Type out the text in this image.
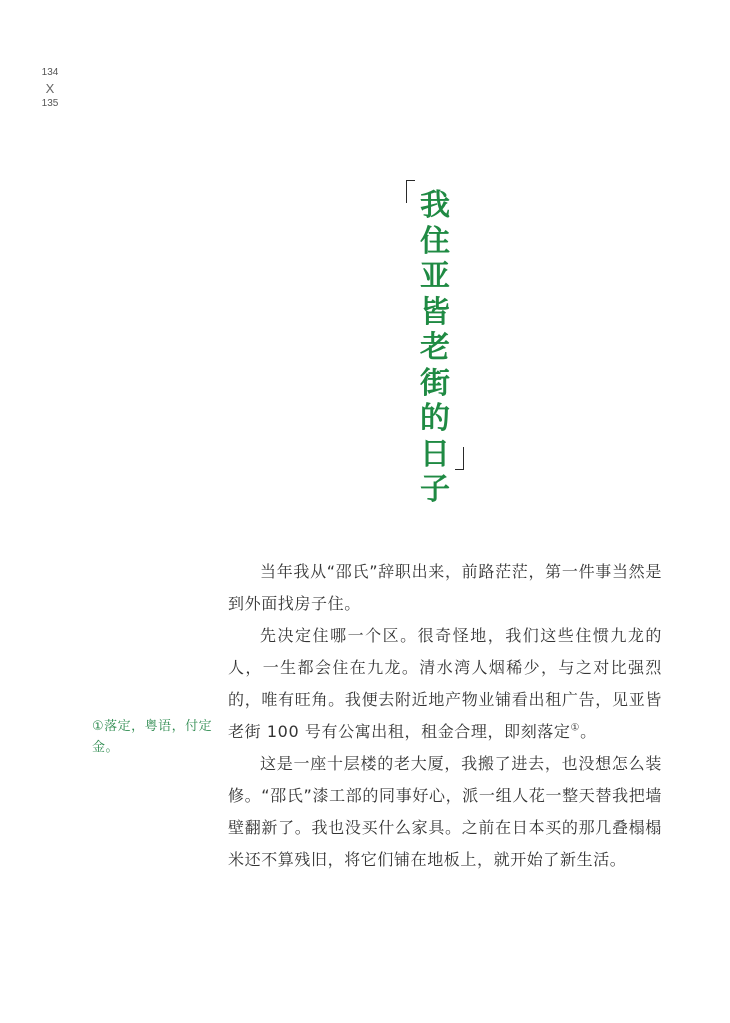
134
X
135
我住亚皆老街的日子

①落定，粤语，付定金。

当年我从“邵氏”辞职出来，前路茫茫，第一件事当然是到外面找房子住。

先决定住哪一个区。很奇怪地，我们这些住惯九龙的人，一生都会住在九龙。清水湾人烟稀少，与之对比强烈的，唯有旺角。我便去附近地产物业铺看出租广告，见亚皆老街 100 号有公寓出租，租金合理，即刻落定①。

这是一座十层楼的老大厦，我搬了进去，也没想怎么装修。“邵氏”漆工部的同事好心，派一组人花一整天替我把墙壁翻新了。我也没买什么家具。之前在日本买的那几叠榻榻米还不算残旧，将它们铺在地板上，就开始了新生活。
